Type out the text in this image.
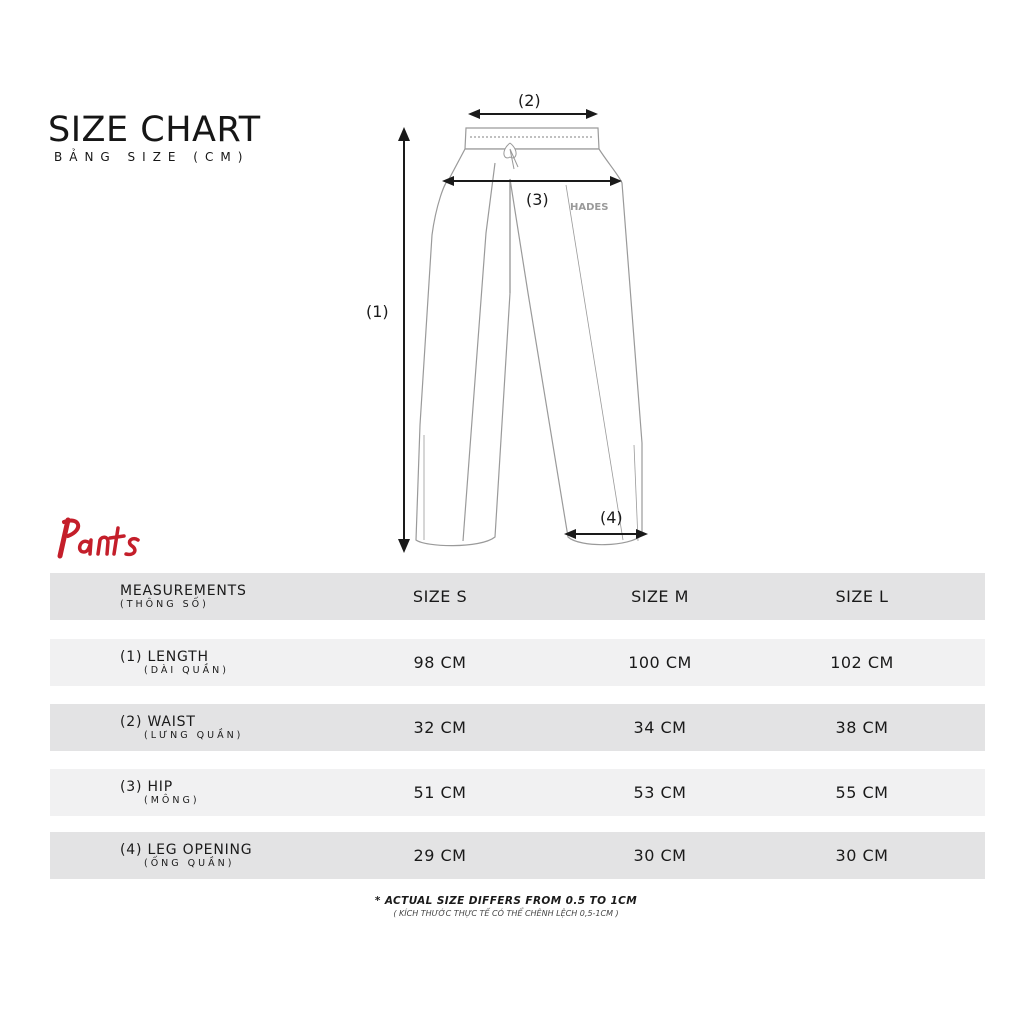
SIZE CHART
BẢNG SIZE (CM)
HADES
(1)
(2)
(3)
(4)
MEASUREMENTS
(THÔNG SỐ)	SIZE S	SIZE M	SIZE L
(1) LENGTH
(DÀI QUẦN)	98 CM	100 CM	102 CM
(2) WAIST
(LƯNG QUẦN)	32 CM	34 CM	38 CM
(3) HIP
(MÔNG)	51 CM	53 CM	55 CM
(4) LEG OPENING
(ỐNG QUẦN)	29 CM	30 CM	30 CM
* ACTUAL SIZE DIFFERS FROM 0.5 TO 1CM
( KÍCH THƯỚC THỰC TẾ CÓ THỂ CHÊNH LỆCH 0,5-1CM )
